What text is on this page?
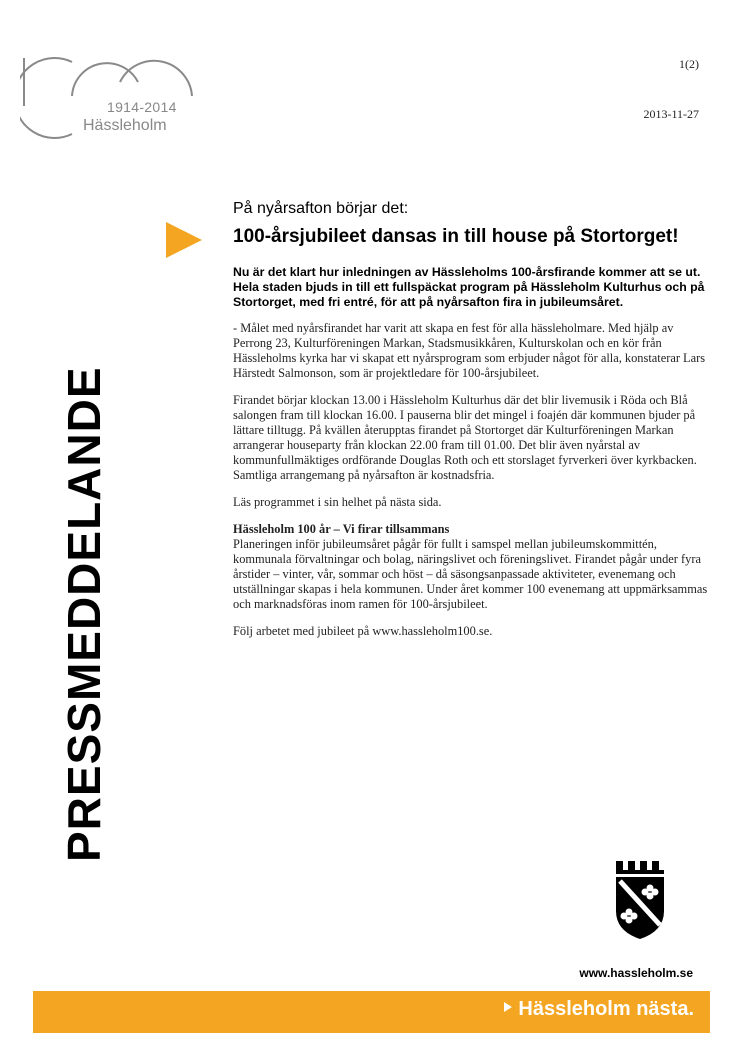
1914-2014
Hässleholm
1(2)
2013-11-27
PRESSMEDDELANDE

På nyårsafton börjar det:

100-årsjubileet dansas in till house på Stortorget!

Nu är det klart hur inledningen av Hässleholms 100-årsfirande kommer att se ut. Hela staden bjuds in till ett fullspäckat program på Hässleholm Kulturhus och på Stortorget, med fri entré, för att på nyårsafton fira in jubileumsåret.

- Målet med nyårsfirandet har varit att skapa en fest för alla hässleholmare. Med hjälp av Perrong 23, Kulturföreningen Markan, Stadsmusikkåren, Kulturskolan och en kör från Hässleholms kyrka har vi skapat ett nyårsprogram som erbjuder något för alla, konstaterar Lars Härstedt Salmonson, som är projektledare för 100-årsjubileet.

Firandet börjar klockan 13.00 i Hässleholm Kulturhus där det blir livemusik i Röda och Blå salongen fram till klockan 16.00. I pauserna blir det mingel i foajén där kommunen bjuder på lättare tilltugg. På kvällen återupptas firandet på Stortorget där Kulturföreningen Markan arrangerar houseparty från klockan 22.00 fram till 01.00. Det blir även nyårstal av kommunfullmäktiges ordförande Douglas Roth och ett storslaget fyrverkeri över kyrkbacken. Samtliga arrangemang på nyårsafton är kostnadsfria.

Läs programmet i sin helhet på nästa sida.

Hässleholm 100 år – Vi firar tillsammans
Planeringen inför jubileumsåret pågår för fullt i samspel mellan jubileumskommittén, kommunala förvaltningar och bolag, näringslivet och föreningslivet. Firandet pågår under fyra årstider – vinter, vår, sommar och höst – då säsongsanpassade aktiviteter, evenemang och utställningar skapas i hela kommunen. Under året kommer 100 evenemang att uppmärksammas och marknadsföras inom ramen för 100-årsjubileet.

Följ arbetet med jubileet på www.hassleholm100.se.

www.hassleholm.se
Hässleholm nästa.
